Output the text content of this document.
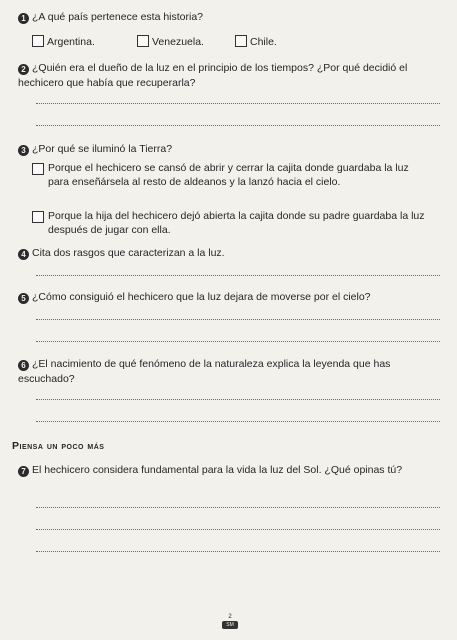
1 ¿A qué país pertenece esta historia?
Argentina.	Venezuela.	Chile.
2 ¿Quién era el dueño de la luz en el principio de los tiempos? ¿Por qué decidió el hechicero que había que recuperarla?
3 ¿Por qué se iluminó la Tierra?
Porque el hechicero se cansó de abrir y cerrar la cajita donde guardaba la luz para enseñársela al resto de aldeanos y la lanzó hacia el cielo.
Porque la hija del hechicero dejó abierta la cajita donde su padre guardaba la luz después de jugar con ella.
4 Cita dos rasgos que caracterizan a la luz.
5 ¿Cómo consiguió el hechicero que la luz dejara de moverse por el cielo?
6 ¿El nacimiento de qué fenómeno de la naturaleza explica la leyenda que has escuchado?
Piensa un poco más
7 El hechicero considera fundamental para la vida la luz del Sol. ¿Qué opinas tú?
2
SM
